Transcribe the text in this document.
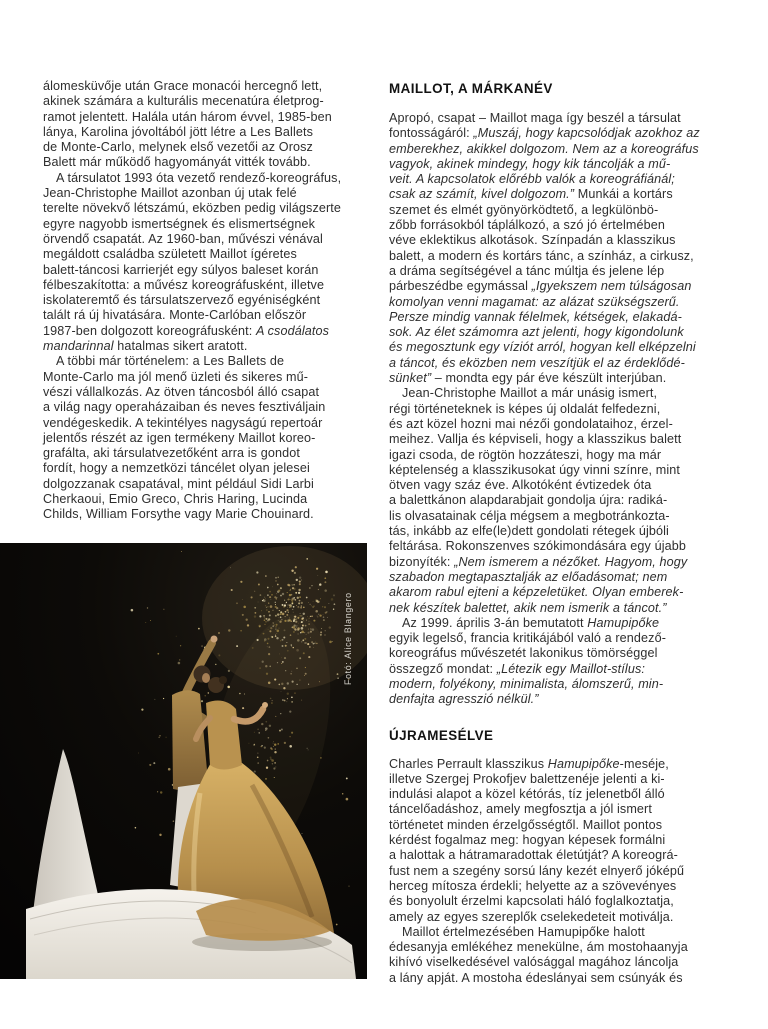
álomesküvője után Grace monacói hercegnő lett,
akinek számára a kulturális mecenatúra életprog-
ramot jelentett. Halála után három évvel, 1985-ben
lánya, Karolina jóvoltából jött létre a Les Ballets
de Monte-Carlo, melynek első vezetői az Orosz
Balett már működő hagyományát vitték tovább.
A társulatot 1993 óta vezető rendező-koreográfus,
Jean-Christophe Maillot azonban új utak felé
terelte növekvő létszámú, eközben pedig világszerte
egyre nagyobb ismertségnek és elismertségnek
örvendő csapatát. Az 1960-ban, művészi vénával
megáldott családba született Maillot ígéretes
balett-táncosi karrierjét egy súlyos baleset korán
félbeszakította: a művész koreográfusként, illetve
iskolateremtő és társulatszervező egyéniségként
talált rá új hivatására. Monte-Carlóban először
1987-ben dolgozott koreográfusként: A csodálatos
mandarinnal hatalmas sikert aratott.
A többi már történelem: a Les Ballets de
Monte-Carlo ma jól menő üzleti és sikeres mű-
vészi vállalkozás. Az ötven táncosból álló csapat
a világ nagy operaházaiban és neves fesztiváljain
vendégeskedik. A tekintélyes nagyságú repertoár
jelentős részét az igen termékeny Maillot koreo-
grafálta, aki társulatvezetőként arra is gondot
fordít, hogy a nemzetközi táncélet olyan jelesei
dolgozzanak csapatával, mint például Sidi Larbi
Cherkaoui, Emio Greco, Chris Haring, Lucinda
Childs, William Forsythe vagy Marie Chouinard.
MAILLOT, A MÁRKANÉV
Apropó, csapat – Maillot maga így beszél a társulat
fontosságáról: „Muszáj, hogy kapcsolódjak azokhoz az
emberekhez, akikkel dolgozom. Nem az a koreográfus
vagyok, akinek mindegy, hogy kik táncolják a mű-
veit. A kapcsolatok előrébb valók a koreográfiánál;
csak az számít, kivel dolgozom.” Munkái a kortárs
szemet és elmét gyönyörködtető, a legkülönbö-
zőbb forrásokból táplálkozó, a szó jó értelmében
véve eklektikus alkotások. Színpadán a klasszikus
balett, a modern és kortárs tánc, a színház, a cirkusz,
a dráma segítségével a tánc múltja és jelene lép
párbeszédbe egymással „Igyekszem nem túlságosan
komolyan venni magamat: az alázat szükségszerű.
Persze mindig vannak félelmek, kétségek, elakadá-
sok. Az élet számomra azt jelenti, hogy kigondolunk
és megosztunk egy víziót arról, hogyan kell elképzelni
a táncot, és eközben nem veszítjük el az érdeklődé-
sünket” – mondta egy pár éve készült interjúban.
Jean-Christophe Maillot a már unásig ismert,
régi történeteknek is képes új oldalát felfedezni,
és azt közel hozni mai nézői gondolataihoz, érzel-
meihez. Vallja és képviseli, hogy a klasszikus balett
igazi csoda, de rögtön hozzáteszi, hogy ma már
képtelenség a klasszikusokat úgy vinni színre, mint
ötven vagy száz éve. Alkotóként évtizedek óta
a balettkánon alapdarabjait gondolja újra: radiká-
lis olvasatainak célja mégsem a megbotránkozta-
tás, inkább az elfe(le)dett gondolati rétegek újbóli
feltárása. Rokonszenves szókimondására egy újabb
bizonyíték: „Nem ismerem a nézőket. Hagyom, hogy
szabadon megtapasztalják az előadásomat; nem
akarom rabul ejteni a képzeletüket. Olyan emberek-
nek készítek balettet, akik nem ismerik a táncot.”
Az 1999. április 3-án bemutatott Hamupipőke
egyik legelső, francia kritikájából való a rendező-
koreográfus művészetét lakonikus tömörséggel
összegző mondat: „Létezik egy Maillot-stílus:
modern, folyékony, minimalista, álomszerű, min-
denfajta agresszió nélkül.”
ÚJRAMESÉLVE
Charles Perrault klasszikus Hamupipőke-meséje,
illetve Szergej Prokofjev balettzenéje jelenti a ki-
indulási alapot a közel kétórás, tíz jelenetből álló
táncelőadáshoz, amely megfosztja a jól ismert
történetet minden érzelgősségtől. Maillot pontos
kérdést fogalmaz meg: hogyan képesek formálni
a halottak a hátramaradottak életútját? A koreográ-
fust nem a szegény sorsú lány kezét elnyerő jóképű
herceg mítosza érdekli; helyette az a szövevényes
és bonyolult érzelmi kapcsolati háló foglalkoztatja,
amely az egyes szereplők cselekedeteit motiválja.
Maillot értelmezésében Hamupipőke halott
édesanyja emlékéhez menekülne, ám mostohaanyja
kihívó viselkedésével valósággal magához láncolja
a lány apját. A mostoha édeslányai sem csúnyák és
Fotó: Alice Blangero
